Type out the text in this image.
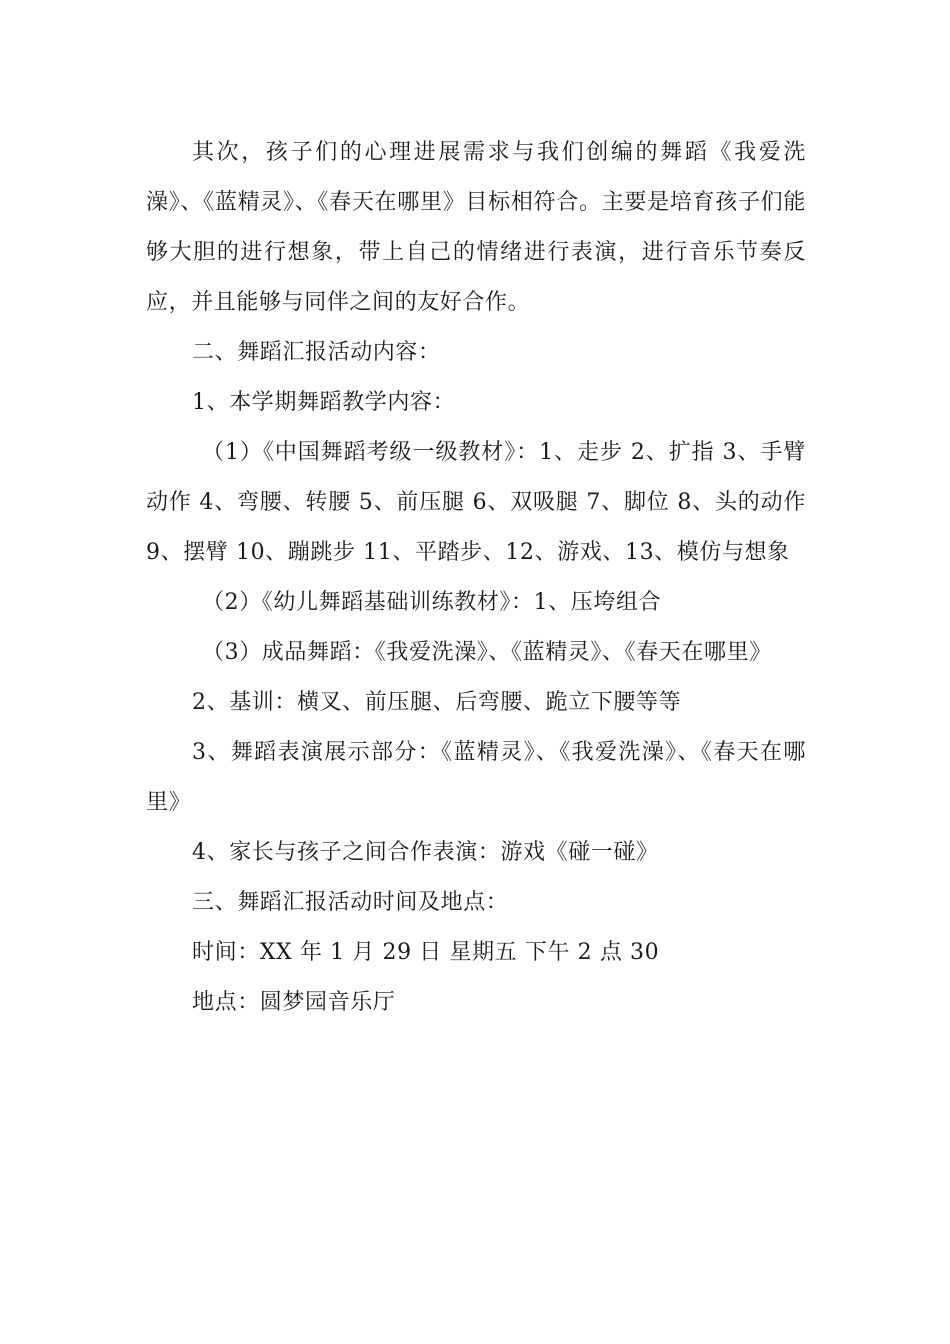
其次，孩子们的心理进展需求与我们创编的舞蹈《我爱洗澡》、《蓝精灵》、《春天在哪里》目标相符合。主要是培育孩子们能够大胆的进行想象，带上自己的情绪进行表演，进行音乐节奏反应，并且能够与同伴之间的友好合作。

二、舞蹈汇报活动内容：

1、本学期舞蹈教学内容：

（1）《中国舞蹈考级一级教材》：1、走步 2、扩指 3、手臂动作 4、弯腰、转腰 5、前压腿 6、双吸腿 7、脚位 8、头的动作 9、摆臂 10、蹦跳步 11、平踏步、12、游戏、13、模仿与想象

（2）《幼儿舞蹈基础训练教材》：1、压垮组合

（3）成品舞蹈：《我爱洗澡》、《蓝精灵》、《春天在哪里》

2、基训：横叉、前压腿、后弯腰、跪立下腰等等

3、舞蹈表演展示部分：《蓝精灵》、《我爱洗澡》、《春天在哪里》

4、家长与孩子之间合作表演：游戏《碰一碰》

三、舞蹈汇报活动时间及地点：

时间：XX 年 1 月 29 日 星期五 下午 2 点 30

地点：圆梦园音乐厅
